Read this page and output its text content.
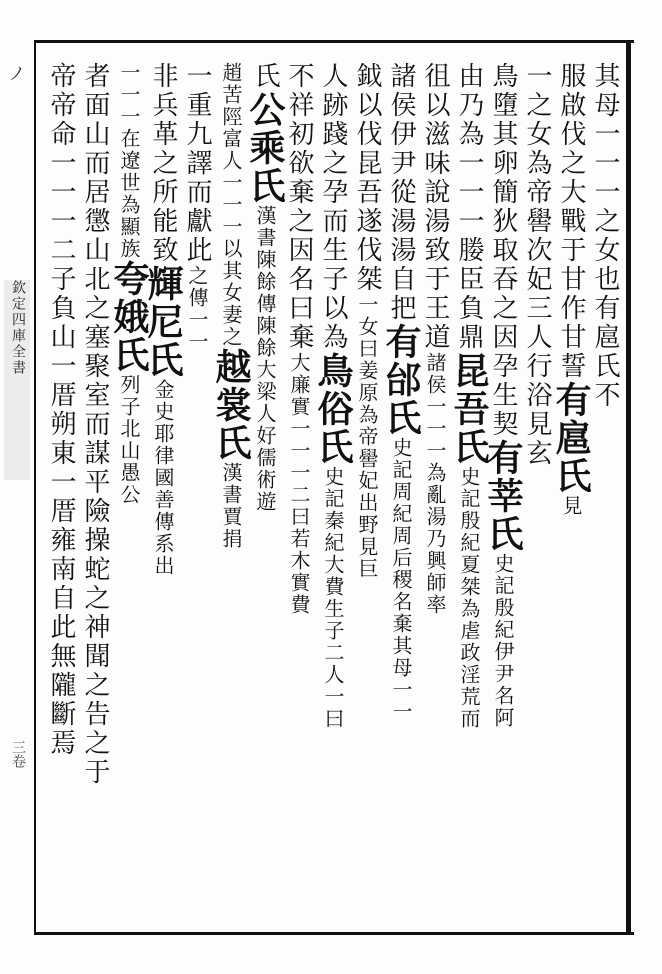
ノ
欽定四庫全書
三卷
其母一一一之女也有扈氏不
服啟伐之大戰于甘作甘誓有扈氏見
一之女為帝嚳次妃三人行浴見玄
鳥墮其卵簡狄取吞之因孕生契有莘氏史記殷紀伊尹名阿
由乃為一一一媵臣負鼎昆吾氏史記殷紀夏桀為虐政淫荒而
徂以滋味說湯致于王道諸侯一一一為亂湯乃興師率
諸侯伊尹從湯湯自把有邰氏史記周紀周后稷名棄其母一一
鉞以伐昆吾遂伐桀一女曰姜原為帝嚳妃出野見巨
人跡踐之孕而生子以為鳥俗氏史記秦紀大費生子二人一曰
不祥初欲棄之因名曰棄大廉實一一一二曰若木實費
氏公乘氏漢書陳餘傳陳餘大梁人好儒術遊
趙苦陘富人一一一以其女妻之越裳氏漢書賈捐
一重九譯而獻此之傳一一
非兵革之所能致輝尼氏金史耶律國善傳系出
一一一在遼世為顯族夸娥氏列子北山愚公
者面山而居懲山北之塞聚室而謀平險操蛇之神聞之告之于
帝帝命一一一二子負山一厝朔東一厝雍南自此無隴斷焉
